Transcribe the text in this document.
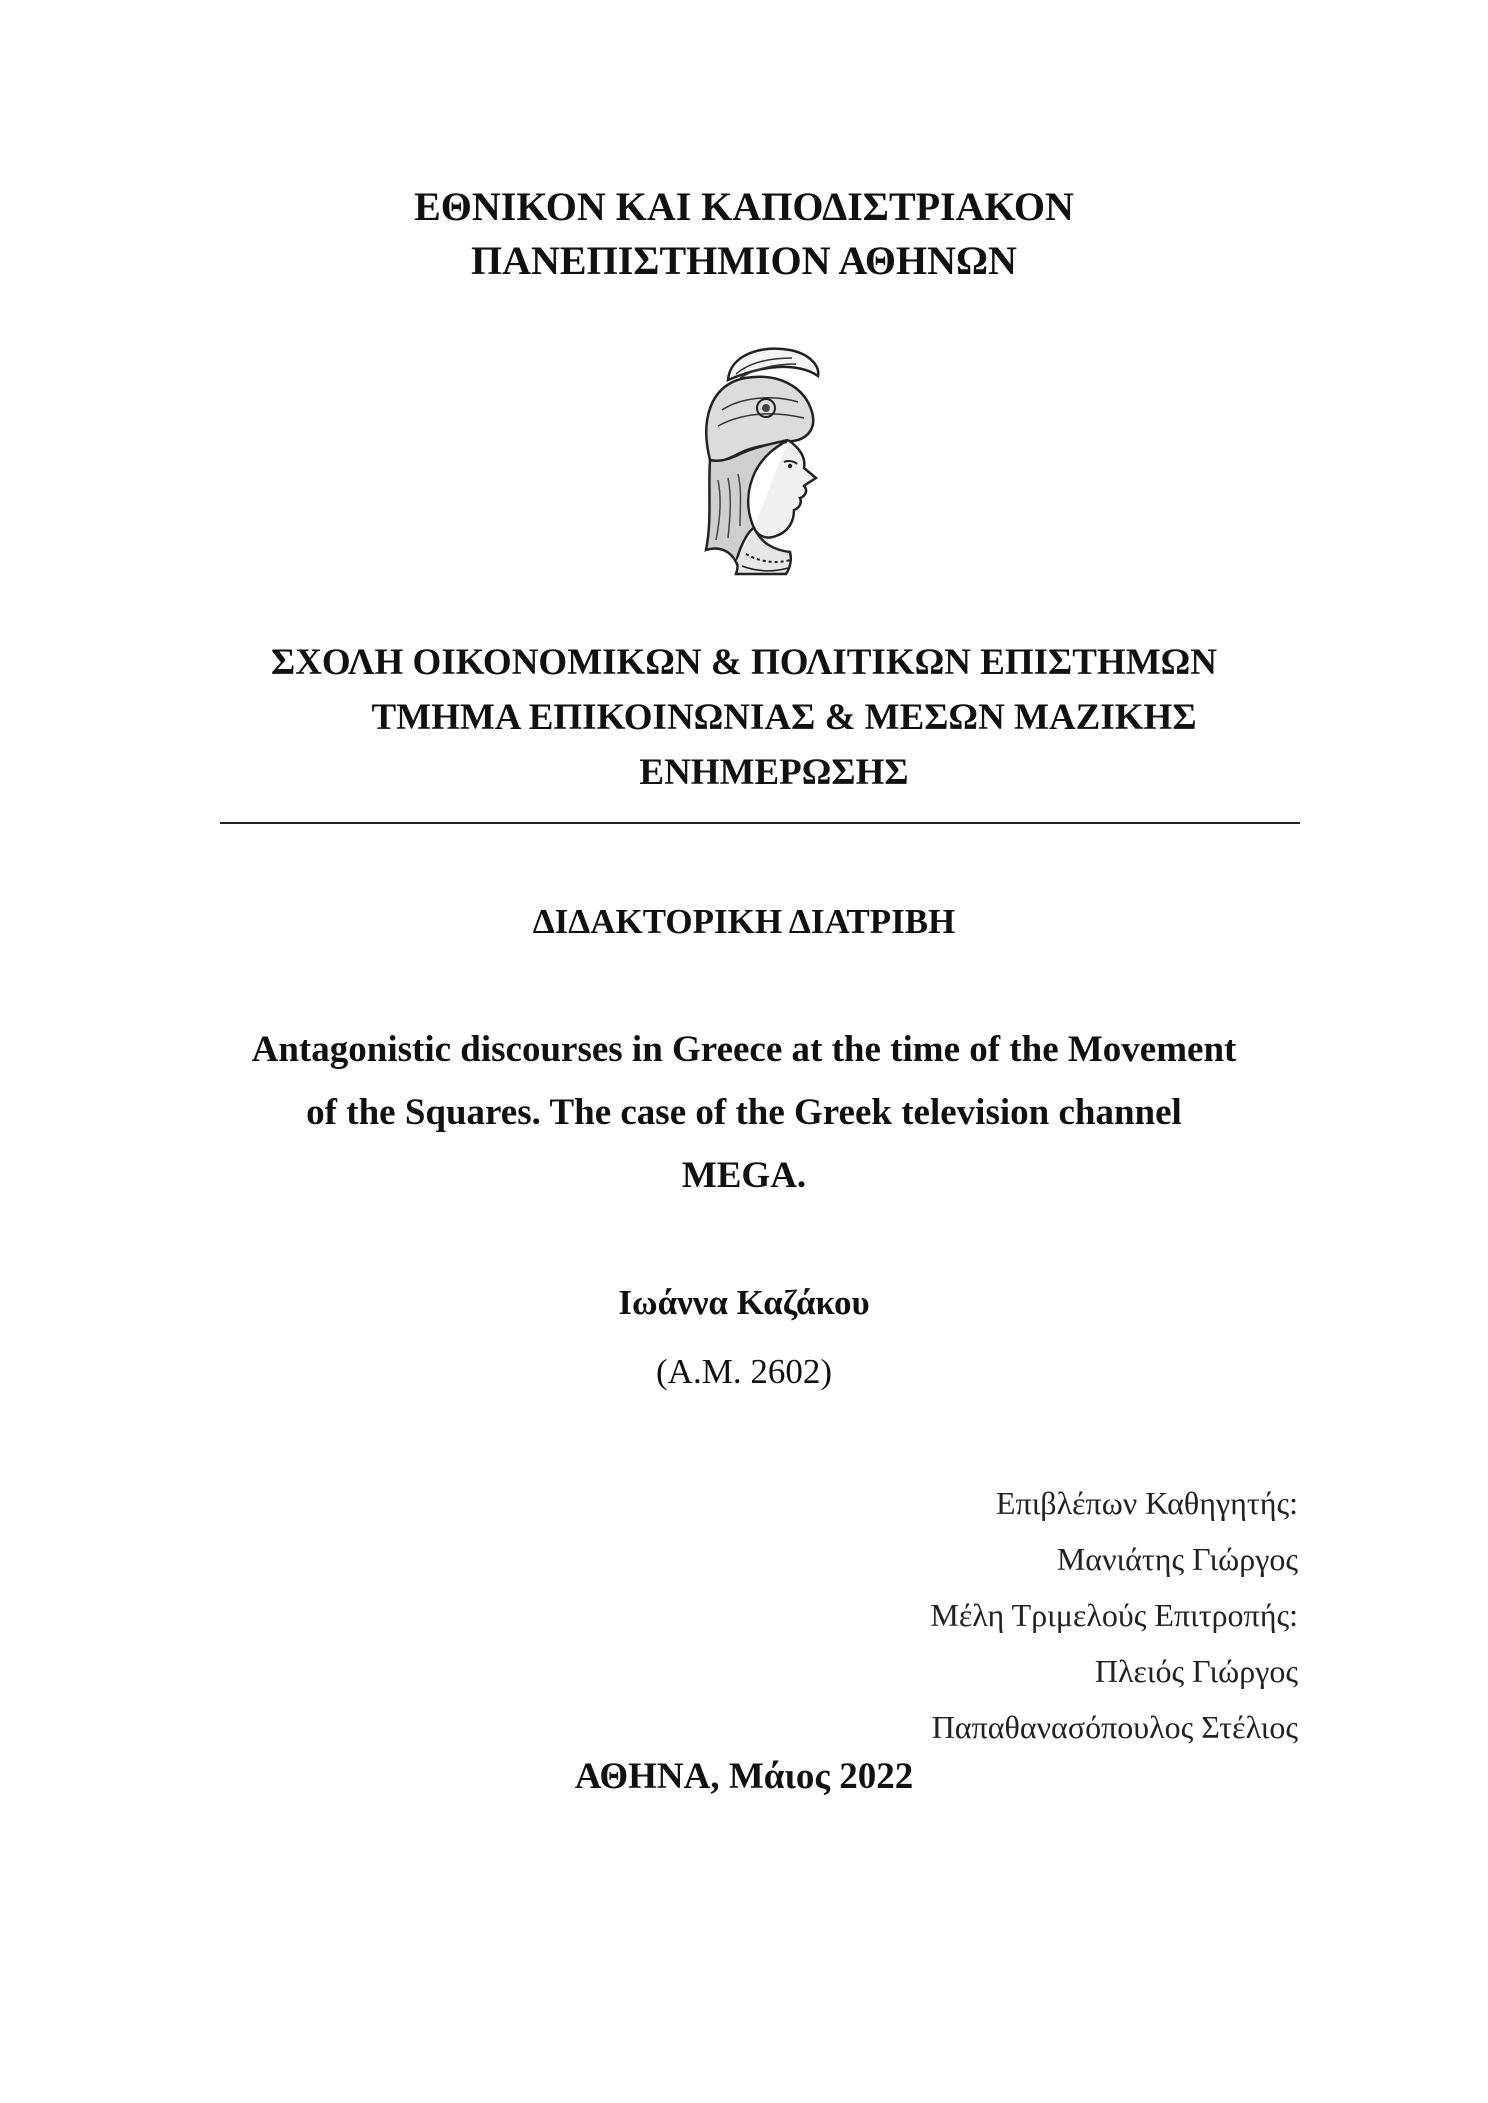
ΕΘΝΙΚΟΝ ΚΑΙ ΚΑΠΟΔΙΣΤΡΙΑΚΟΝ
ΠΑΝΕΠΙΣΤΗΜΙΟΝ ΑΘΗΝΩΝ
ΣΧΟΛΗ ΟΙΚΟΝΟΜΙΚΩΝ & ΠΟΛΙΤΙΚΩΝ ΕΠΙΣΤΗΜΩΝ
ΤΜΗΜΑ ΕΠΙΚΟΙΝΩΝΙΑΣ & ΜΕΣΩΝ ΜΑΖΙΚΗΣ
ΕΝΗΜΕΡΩΣΗΣ
ΔΙΔΑΚΤΟΡΙΚΗ ΔΙΑΤΡΙΒΗ
Antagonistic discourses in Greece at the time of the Movement
of the Squares. The case of the Greek television channel
MEGA.
Ιωάννα Καζάκου
(Α.Μ. 2602)
Επιβλέπων Καθηγητής:
Μανιάτης Γιώργος
Μέλη Τριμελούς Επιτροπής:
Πλειός Γιώργος
Παπαθανασόπουλος Στέλιος
ΑΘΗΝΑ, Μάιος 2022
